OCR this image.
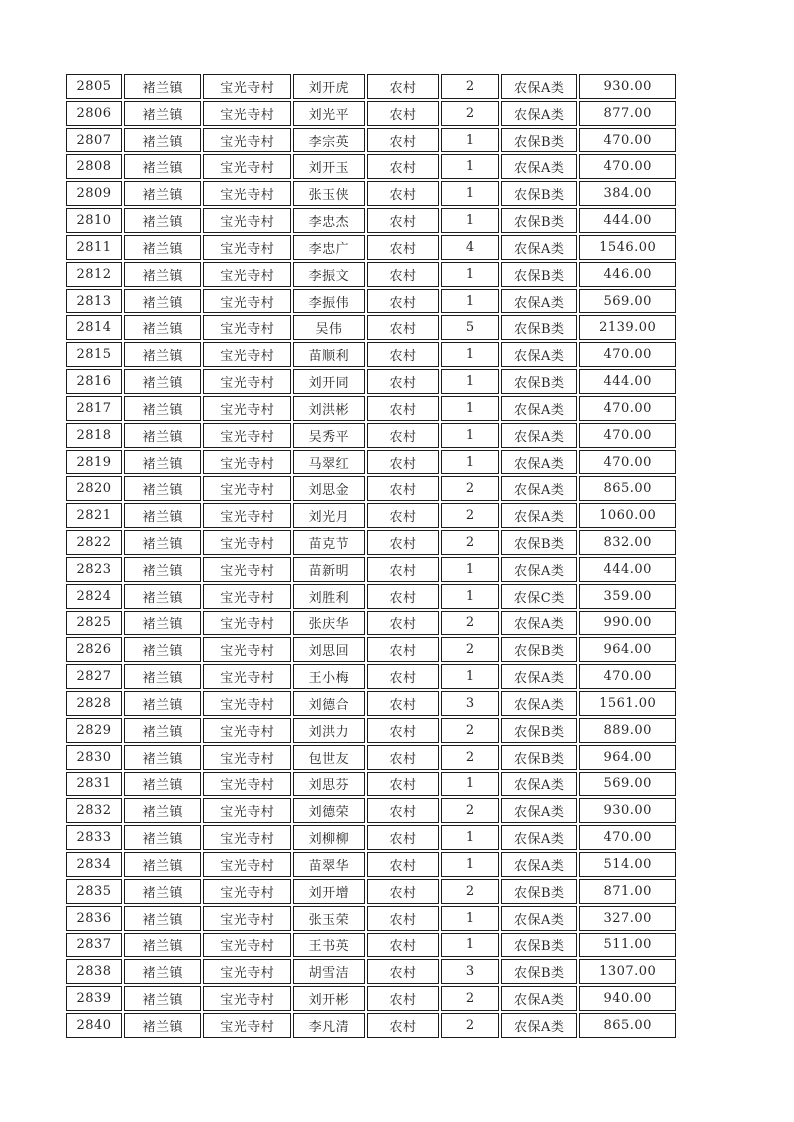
2805	褚兰镇	宝光寺村	刘开虎	农村	2	农保A类	930.00
2806	褚兰镇	宝光寺村	刘光平	农村	2	农保A类	877.00
2807	褚兰镇	宝光寺村	李宗英	农村	1	农保B类	470.00
2808	褚兰镇	宝光寺村	刘开玉	农村	1	农保A类	470.00
2809	褚兰镇	宝光寺村	张玉侠	农村	1	农保B类	384.00
2810	褚兰镇	宝光寺村	李忠杰	农村	1	农保B类	444.00
2811	褚兰镇	宝光寺村	李忠广	农村	4	农保A类	1546.00
2812	褚兰镇	宝光寺村	李振文	农村	1	农保B类	446.00
2813	褚兰镇	宝光寺村	李振伟	农村	1	农保A类	569.00
2814	褚兰镇	宝光寺村	吴伟	农村	5	农保B类	2139.00
2815	褚兰镇	宝光寺村	苗顺利	农村	1	农保A类	470.00
2816	褚兰镇	宝光寺村	刘开同	农村	1	农保B类	444.00
2817	褚兰镇	宝光寺村	刘洪彬	农村	1	农保A类	470.00
2818	褚兰镇	宝光寺村	吴秀平	农村	1	农保A类	470.00
2819	褚兰镇	宝光寺村	马翠红	农村	1	农保A类	470.00
2820	褚兰镇	宝光寺村	刘思金	农村	2	农保A类	865.00
2821	褚兰镇	宝光寺村	刘光月	农村	2	农保A类	1060.00
2822	褚兰镇	宝光寺村	苗克节	农村	2	农保B类	832.00
2823	褚兰镇	宝光寺村	苗新明	农村	1	农保A类	444.00
2824	褚兰镇	宝光寺村	刘胜利	农村	1	农保C类	359.00
2825	褚兰镇	宝光寺村	张庆华	农村	2	农保A类	990.00
2826	褚兰镇	宝光寺村	刘思回	农村	2	农保B类	964.00
2827	褚兰镇	宝光寺村	王小梅	农村	1	农保A类	470.00
2828	褚兰镇	宝光寺村	刘德合	农村	3	农保A类	1561.00
2829	褚兰镇	宝光寺村	刘洪力	农村	2	农保B类	889.00
2830	褚兰镇	宝光寺村	包世友	农村	2	农保B类	964.00
2831	褚兰镇	宝光寺村	刘思芬	农村	1	农保A类	569.00
2832	褚兰镇	宝光寺村	刘德荣	农村	2	农保A类	930.00
2833	褚兰镇	宝光寺村	刘柳柳	农村	1	农保A类	470.00
2834	褚兰镇	宝光寺村	苗翠华	农村	1	农保A类	514.00
2835	褚兰镇	宝光寺村	刘开增	农村	2	农保B类	871.00
2836	褚兰镇	宝光寺村	张玉荣	农村	1	农保A类	327.00
2837	褚兰镇	宝光寺村	王书英	农村	1	农保B类	511.00
2838	褚兰镇	宝光寺村	胡雪洁	农村	3	农保B类	1307.00
2839	褚兰镇	宝光寺村	刘开彬	农村	2	农保A类	940.00
2840	褚兰镇	宝光寺村	李凡清	农村	2	农保A类	865.00
